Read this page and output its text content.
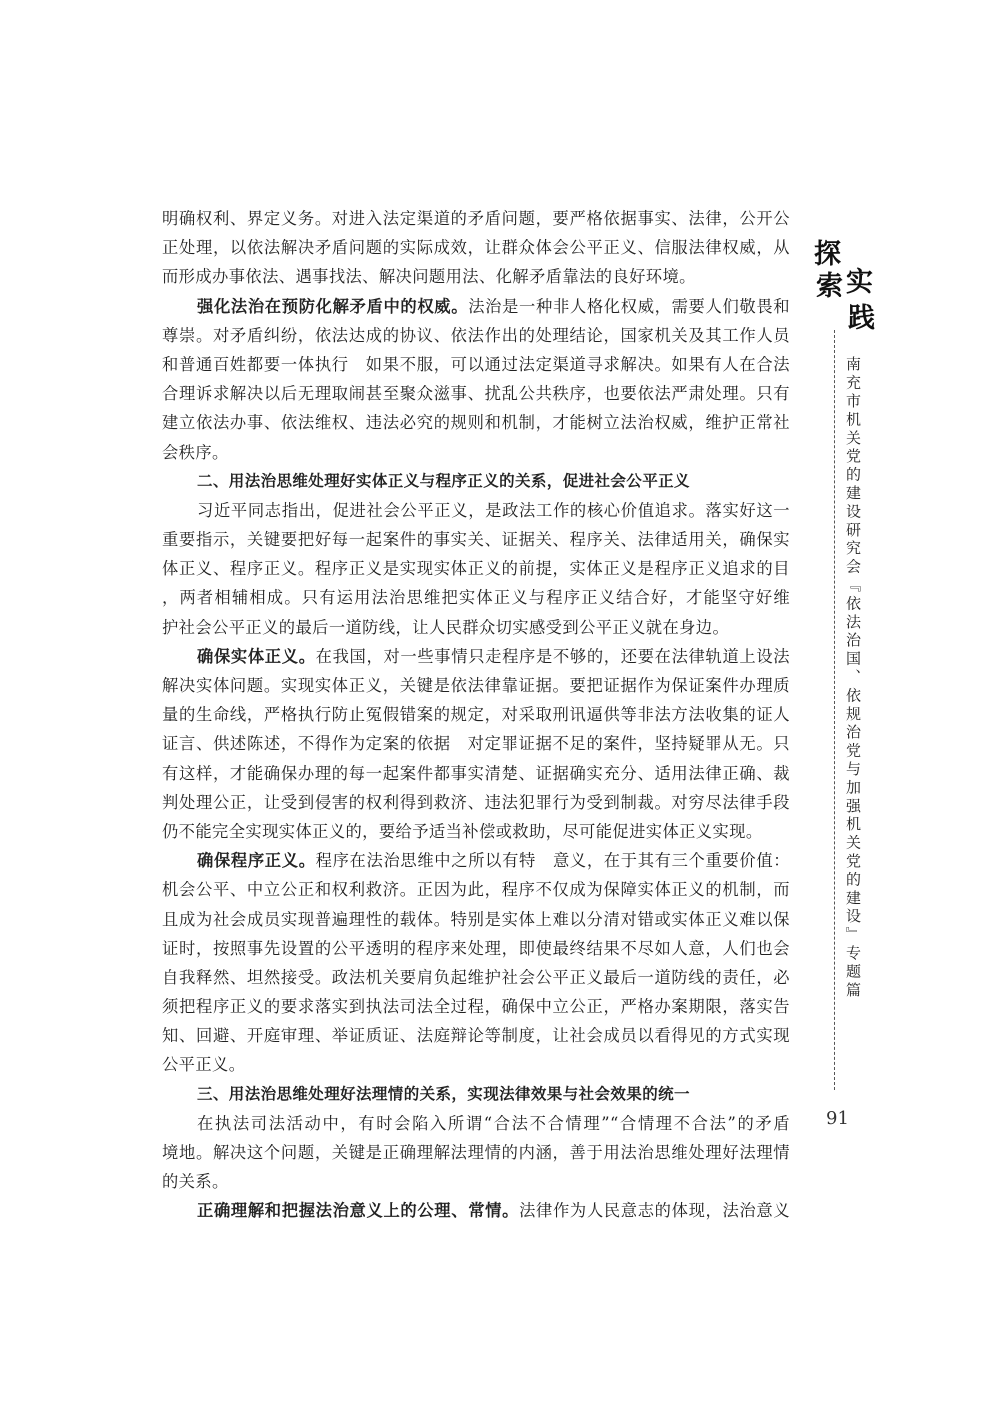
明确权利、界定义务。对进入法定渠道的矛盾问题，要严格依据事实、法律，公开公
正处理，以依法解决矛盾问题的实际成效，让群众体会公平正义、信服法律权威，从
而形成办事依法、遇事找法、解决问题用法、化解矛盾靠法的良好环境。
强化法治在预防化解矛盾中的权威。法治是一种非人格化权威，需要人们敬畏和
尊崇。对矛盾纠纷，依法达成的协议、依法作出的处理结论，国家机关及其工作人员
和普通百姓都要一体执行　如果不服，可以通过法定渠道寻求解决。如果有人在合法
合理诉求解决以后无理取闹甚至聚众滋事、扰乱公共秩序，也要依法严肃处理。只有
建立依法办事、依法维权、违法必究的规则和机制，才能树立法治权威，维护正常社
会秩序。
二、用法治思维处理好实体正义与程序正义的关系，促进社会公平正义
习近平同志指出，促进社会公平正义，是政法工作的核心价值追求。落实好这一
重要指示，关键要把好每一起案件的事实关、证据关、程序关、法律适用关，确保实
体正义、程序正义。程序正义是实现实体正义的前提，实体正义是程序正义追求的目
，两者相辅相成。只有运用法治思维把实体正义与程序正义结合好，才能坚守好维
护社会公平正义的最后一道防线，让人民群众切实感受到公平正义就在身边。
确保实体正义。在我国，对一些事情只走程序是不够的，还要在法律轨道上设法
解决实体问题。实现实体正义，关键是依法律靠证据。要把证据作为保证案件办理质
量的生命线，严格执行防止冤假错案的规定，对采取刑讯逼供等非法方法收集的证人
证言、供述陈述，不得作为定案的依据　对定罪证据不足的案件，坚持疑罪从无。只
有这样，才能确保办理的每一起案件都事实清楚、证据确实充分、适用法律正确、裁
判处理公正，让受到侵害的权利得到救济、违法犯罪行为受到制裁。对穷尽法律手段
仍不能完全实现实体正义的，要给予适当补偿或救助，尽可能促进实体正义实现。
确保程序正义。程序在法治思维中之所以有特　意义，在于其有三个重要价值：
机会公平、中立公正和权利救济。正因为此，程序不仅成为保障实体正义的机制，而
且成为社会成员实现普遍理性的载体。特别是实体上难以分清对错或实体正义难以保
证时，按照事先设置的公平透明的程序来处理，即使最终结果不尽如人意，人们也会
自我释然、坦然接受。政法机关要肩负起维护社会公平正义最后一道防线的责任，必
须把程序正义的要求落实到执法司法全过程，确保中立公正，严格办案期限，落实告
知、回避、开庭审理、举证质证、法庭辩论等制度，让社会成员以看得见的方式实现
公平正义。
三、用法治思维处理好法理情的关系，实现法律效果与社会效果的统一
在执法司法活动中，有时会陷入所谓“合法不合情理”“合情理不合法”的矛盾
境地。解决这个问题，关键是正确理解法理情的内涵，善于用法治思维处理好法理情
的关系。
正确理解和把握法治意义上的公理、常情。法律作为人民意志的体现，法治意义
探
索 实
践
南充市机关党的建设研究会『依法治国、依规治党与加强机关党的建设』专题篇
91
